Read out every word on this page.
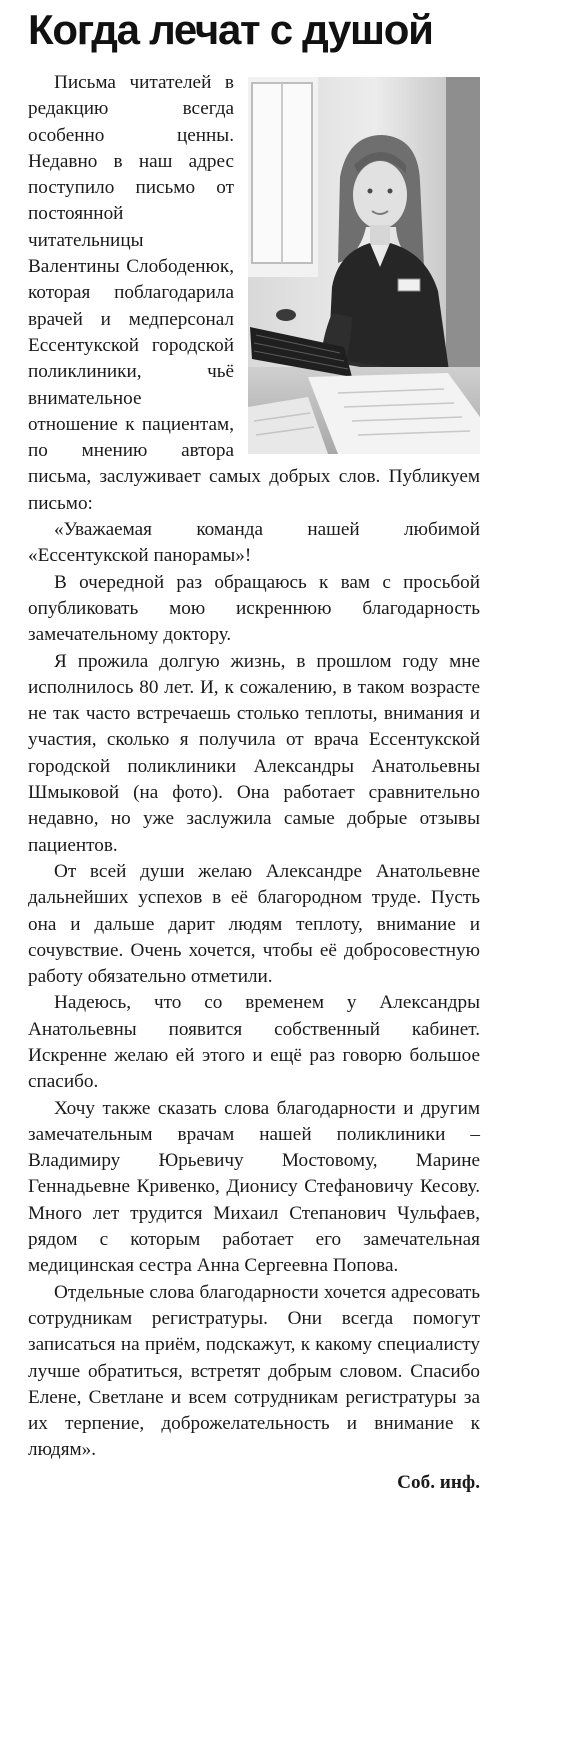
Когда лечат с душой

Письма читателей в редакцию всегда особенно ценны. Недавно в наш адрес поступило письмо от постоянной читательницы Валентины Слободенюк, которая поблагодарила врачей и медперсонал Ессентукской городской поликлиники, чьё внимательное отношение к пациентам, по мнению автора письма, заслуживает самых добрых слов. Публикуем письмо:

«Уважаемая команда нашей любимой «Ессентукской панорамы»!

В очередной раз обращаюсь к вам с просьбой опубликовать мою искреннюю благодарность замечательному доктору.

Я прожила долгую жизнь, в прошлом году мне исполнилось 80 лет. И, к сожалению, в таком возрасте не так часто встречаешь столько теплоты, внимания и участия, сколько я получила от врача Ессентукской городской поликлиники Александры Анатольевны Шмыковой (на фото). Она работает сравнительно недавно, но уже заслужила самые добрые отзывы пациентов.

От всей души желаю Александре Анатольевне дальнейших успехов в её благородном труде. Пусть она и дальше дарит людям теплоту, внимание и сочувствие. Очень хочется, чтобы её добросовестную работу обязательно отметили.

Надеюсь, что со временем у Александры Анатольевны появится собственный кабинет. Искренне желаю ей этого и ещё раз говорю большое спасибо.

Хочу также сказать слова благодарности и другим замечательным врачам нашей поликлиники – Владимиру Юрьевичу Мостовому, Марине Геннадьевне Кривенко, Дионису Стефановичу Кесову. Много лет трудится Михаил Степанович Чульфаев, рядом с которым работает его замечательная медицинская сестра Анна Сергеевна Попова.

Отдельные слова благодарности хочется адресовать сотрудникам регистратуры. Они всегда помогут записаться на приём, подскажут, к какому специалисту лучше обратиться, встретят добрым словом. Спасибо Елене, Светлане и всем сотрудникам регистратуры за их терпение, доброжелательность и внимание к людям».

Соб. инф.
